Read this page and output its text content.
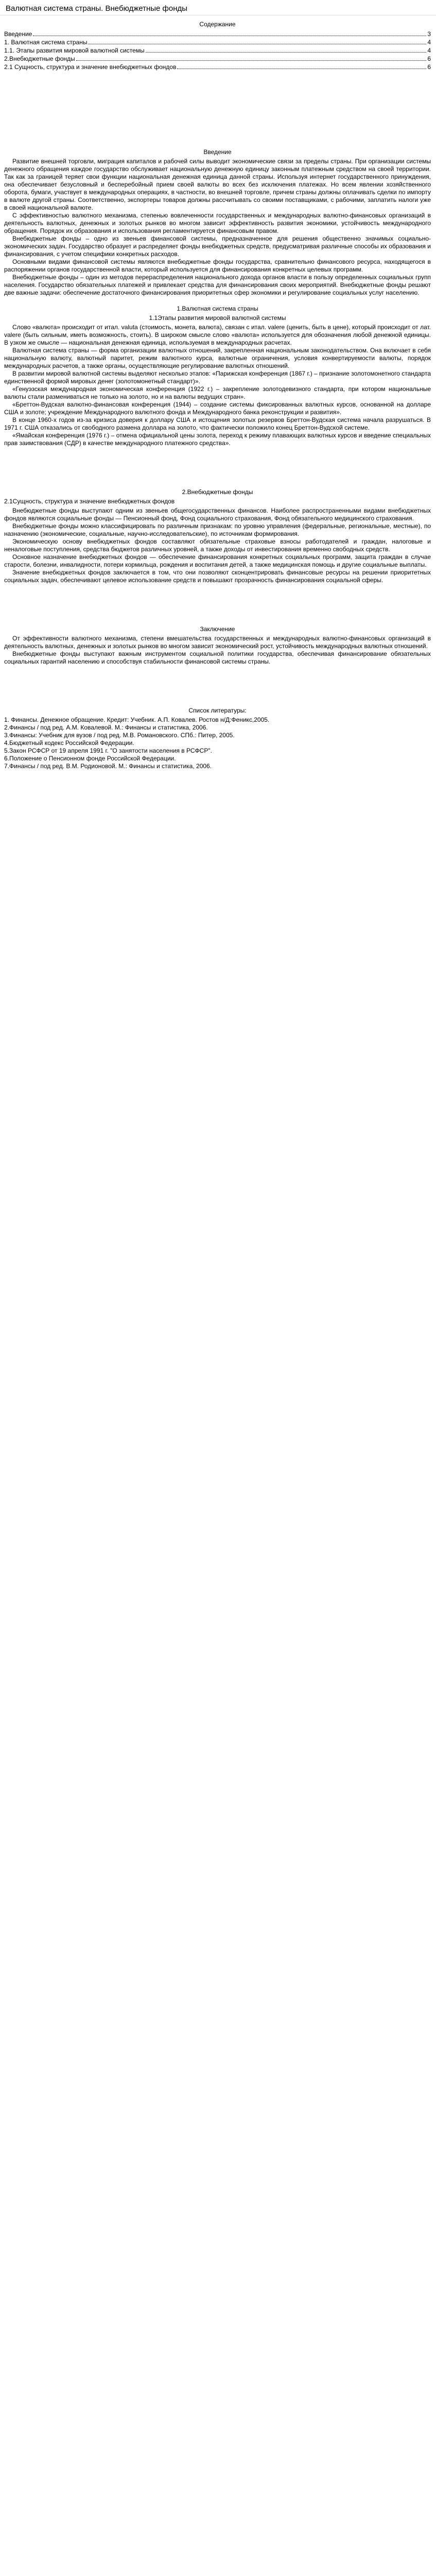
Валютная система страны. Внебюджетные фонды
Содержание
Введение	3
1. Валютная система страны	4
1.1. Этапы развития мировой валютной системы	4
2.Внебюджетные фонды	6
2.1 Сущность, структура и значение внебюджетных фондов	6
Введение

Развитие внешней торговли, миграция капиталов и рабочей силы выводит экономические связи за пределы страны. При организации системы денежного обращения каждое государство обслуживает национальную денежную единицу законным платежным средством на своей территории. Так как за границей теряет свои функции национальная денежная единица данной страны. Используя интернет государственного принуждения, она обеспечивает безусловный и бесперебойный прием своей валюты во всех без исключения платежах. Но всем явлении хозяйственного оборота, бумаги, участвует в международных операциях, в частности, во внешней торговле, причем страны должны оплачивать сделки по импорту в валюте другой страны. Соответственно, экспортеры товаров должны рассчитывать со своими поставщиками, с рабочими, заплатить налоги уже в своей национальной валюте.

С эффективностью валютного механизма, степенью вовлеченности государственных и международных валютно-финансовых организаций в деятельность валютных, денежных и золотых рынков во многом зависит эффективность развития экономики, устойчивость международного обращения. Порядок их образования и использования регламентируется финансовым правом.

Внебюджетные фонды – одно из звеньев финансовой системы, предназначенное для решения общественно значимых социально-экономических задач. Государство образует и распределяет фонды внебюджетных средств, предусматривая различные способы их образования и финансирования, с учетом специфики конкретных расходов.

Основными видами финансовой системы являются внебюджетные фонды государства, сравнительно финансового ресурса, находящегося в распоряжении органов государственной власти, который используется для финансирования конкретных целевых программ.

Внебюджетные фонды – один из методов перераспределения национального дохода органов власти в пользу определенных социальных групп населения. Государство обязательных платежей и привлекает средства для финансирования своих мероприятий. Внебюджетные фонды решают две важные задачи: обеспечение достаточного финансирования приоритетных сфер экономики и регулирование социальных услуг населению.

1.Валютная система страны
1.1Этапы развития мировой валютной системы

Слово «валюта» происходит от итал. valuta (стоимость, монета, валюта), связан с итал. valere (ценить, быть в цене), который происходит от лат. valere (быть сильным, иметь возможность, стоить). В широком смысле слово «валюта» используется для обозначения любой денежной единицы. В узком же смысле — национальная денежная единица, используемая в международных расчетах.

Валютная система страны — форма организации валютных отношений, закрепленная национальным законодательством. Она включает в себя национальную валюту, валютный паритет, режим валютного курса, валютные ограничения, условия конвертируемости валюты, порядок международных расчетов, а также органы, осуществляющие регулирование валютных отношений.

В развитии мировой валютной системы выделяют несколько этапов: «Парижская конференция (1867 г.) – признание золотомонетного стандарта единственной формой мировых денег (золотомонетный стандарт)».

«Генуэзская международная экономическая конференция (1922 г.) – закрепление золотодевизного стандарта, при котором национальные валюты стали размениваться не только на золото, но и на валюты ведущих стран».

«Бреттон-Вудская валютно-финансовая конференция (1944) – создание системы фиксированных валютных курсов, основанной на долларе США и золоте; учреждение Международного валютного фонда и Международного банка реконструкции и развития».

В конце 1960-х годов из-за кризиса доверия к доллару США и истощения золотых резервов Бреттон-Вудская система начала разрушаться. В 1971 г. США отказались от свободного размена доллара на золото, что фактически положило конец Бреттон-Вудской системе.

«Ямайская конференция (1976 г.) – отмена официальной цены золота, переход к режиму плавающих валютных курсов и введение специальных прав заимствования (СДР) в качестве международного платежного средства».

2.Внебюджетные фонды
2.1Сущность, структура и значение внебюджетных фондов

Внебюджетные фонды выступают одним из звеньев общегосударственных финансов. Наиболее распространенными видами внебюджетных фондов являются социальные фонды — Пенсионный фонд, Фонд социального страхования, Фонд обязательного медицинского страхования.

Внебюджетные фонды можно классифицировать по различным признакам: по уровню управления (федеральные, региональные, местные), по назначению (экономические, социальные, научно-исследовательские), по источникам формирования.

Экономическую основу внебюджетных фондов составляют обязательные страховые взносы работодателей и граждан, налоговые и неналоговые поступления, средства бюджетов различных уровней, а также доходы от инвестирования временно свободных средств.

Основное назначение внебюджетных фондов — обеспечение финансирования конкретных социальных программ, защита граждан в случае старости, болезни, инвалидности, потери кормильца, рождения и воспитания детей, а также медицинская помощь и другие социальные выплаты.

Значение внебюджетных фондов заключается в том, что они позволяют сконцентрировать финансовые ресурсы на решении приоритетных социальных задач, обеспечивают целевое использование средств и повышают прозрачность финансирования социальной сферы.

Заключение

От эффективности валютного механизма, степени вмешательства государственных и международных валютно-финансовых организаций в деятельность валютных, денежных и золотых рынков во многом зависит экономический рост, устойчивость международных валютных отношений.

Внебюджетные фонды выступают важным инструментом социальной политики государства, обеспечивая финансирование обязательных социальных гарантий населению и способствуя стабильности финансовой системы страны.

Список литературы:

1. Финансы. Денежное обращение. Кредит: Учебник. А.П. Ковалев. Ростов н/Д:Феникс,2005.

2.Финансы / под ред. А.М. Ковалевой. М.: Финансы и статистика, 2006.

3.Финансы: Учебник для вузов / под ред. М.В. Романовского. СПб.: Питер, 2005.

4.Бюджетный кодекс Российской Федерации.

5.Закон РСФСР от 19 апреля 1991 г. "О занятости населения в РСФСР".

6.Положение о Пенсионном фонде Российской Федерации.

7.Финансы / под ред. В.М. Родионовой. М.: Финансы и статистика, 2006.
